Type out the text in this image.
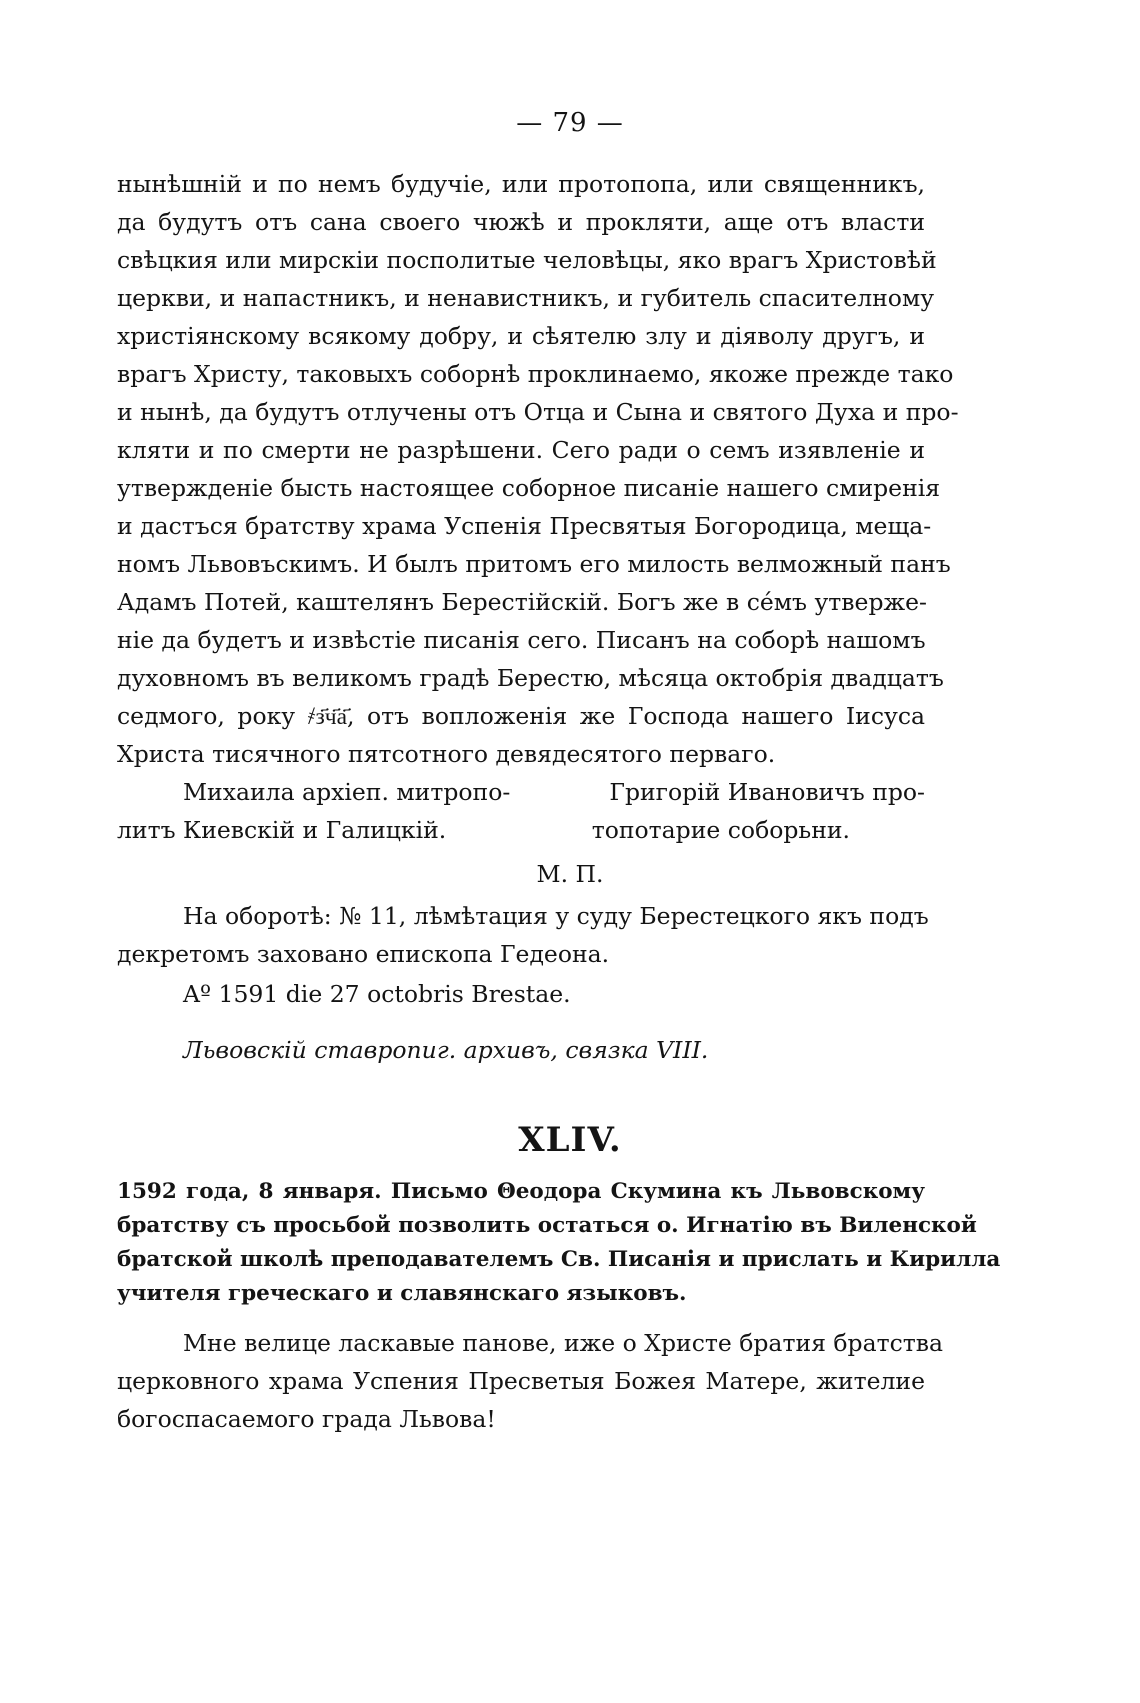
— 79 —
нынѣшній и по немъ будучіе, или протопопа, или священникъ,
да будутъ отъ сана своего чюжѣ и прокляти, аще отъ власти
свѣцкия или мирскіи посполитые человѣцы, яко врагъ Христовѣй
церкви, и напастникъ, и ненавистникъ, и губитель спасителному
христіянскому всякому добру, и сѣятелю злу и діяволу другъ, и
врагъ Христу, таковыхъ соборнѣ проклинаемо, якоже прежде тако
и нынѣ, да будутъ отлучены отъ Отца и Сына и святого Духа и про-
кляти и по смерти не разрѣшени. Сего ради о семъ изявленіе и
утвержденіе бысть настоящее соборное писаніе нашего смиренія
и дастъся братству храма Успенія Пресвятыя Богородица, меща-
номъ Львовъскимъ. И былъ притомъ его милость велможный панъ
Адамъ Потей, каштелянъ Берестійскій. Богъ же в се́мъ утверже-
ніе да будетъ и извѣстіе писанія сего. Писанъ на соборѣ нашомъ
духовномъ въ великомъ градѣ Берестю, мѣсяца октобрія двадцатъ
седмого, року ҂з҃ч҃а҃, отъ вопложенія же Господа нашего Іисуса
Христа тисячного пятсотного девядесятого перваго.
Михаила архіеп. митропо-	Григорій Ивановичъ про-
литъ Киевскій и Галицкій.	топотарие соборьни.
М. П.
На оборотѣ: № 11, лѣмѣтация у суду Берестецкого якъ подъ
декретомъ заховано епископа Гедеона.
Aº 1591 die 27 octobris Brestae.
Львовскій ставропиг. архивъ, связка VIII.
XLIV.
1592 года, 8 января. Письмо Θеодора Скумина къ Львовскому
братству съ просьбой позволить остаться о. Игнатію въ Виленской
братской школѣ преподавателемъ Св. Писанія и прислать и Кирилла
учителя греческаго и славянскаго языковъ.
Мне велице ласкавые панове, иже о Христе братия братства
церковного храма Успения Пресветыя Божея Матере, жителие
богоспасаемого града Львова!
